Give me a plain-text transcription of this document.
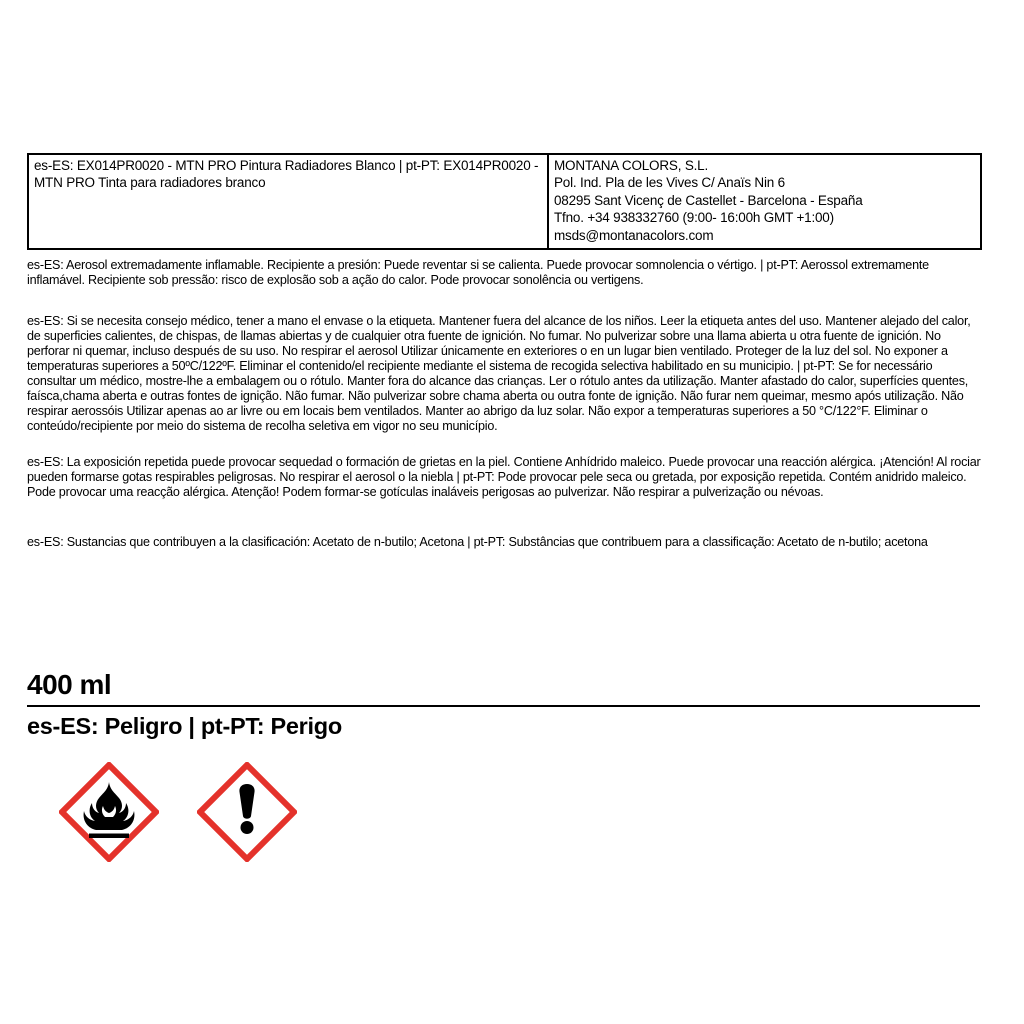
es-ES: EX014PR0020 - MTN PRO Pintura Radiadores Blanco | pt-PT: EX014PR0020 - MTN PRO Tinta para radiadores branco	
MONTANA COLORS, S.L.
Pol. Ind. Pla de les Vives C/ Anaïs Nin 6
08295 Sant Vicenç de Castellet - Barcelona - España
Tfno. +34 938332760 (9:00- 16:00h GMT +1:00)
msds@montanacolors.com

es-ES: Aerosol extremadamente inflamable. Recipiente a presión: Puede reventar si se calienta. Puede provocar somnolencia o vértigo. | pt-PT: Aerossol extremamente inflamável. Recipiente sob pressão: risco de explosão sob a ação do calor. Pode provocar sonolência ou vertigens.

es-ES: Si se necesita consejo médico, tener a mano el envase o la etiqueta. Mantener fuera del alcance de los niños. Leer la etiqueta antes del uso. Mantener alejado del calor, de superficies calientes, de chispas, de llamas abiertas y de cualquier otra fuente de ignición. No fumar. No pulverizar sobre una llama abierta u otra fuente de ignición. No perforar ni quemar, incluso después de su uso. No respirar el aerosol Utilizar únicamente en exteriores o en un lugar bien ventilado. Proteger de la luz del sol. No exponer a temperaturas superiores a 50ºC/122ºF. Eliminar el contenido/el recipiente mediante el sistema de recogida selectiva habilitado en su municipio. | pt-PT: Se for necessário consultar um médico, mostre-lhe a embalagem ou o rótulo. Manter fora do alcance das crianças. Ler o rótulo antes da utilização. Manter afastado do calor, superfícies quentes, faísca,chama aberta e outras fontes de ignição. Não fumar. Não pulverizar sobre chama aberta ou outra fonte de ignição. Não furar nem queimar, mesmo após utilização. Não respirar aerossóis Utilizar apenas ao ar livre ou em locais bem ventilados. Manter ao abrigo da luz solar. Não expor a temperaturas superiores a 50 °C/122°F. Eliminar o conteúdo/recipiente por meio do sistema de recolha seletiva em vigor no seu município.

es-ES: La exposición repetida puede provocar sequedad o formación de grietas en la piel. Contiene Anhídrido maleico. Puede provocar una reacción alérgica. ¡Atención! Al rociar pueden formarse gotas respirables peligrosas. No respirar el aerosol o la niebla | pt-PT: Pode provocar pele seca ou gretada, por exposição repetida. Contém anidrido maleico. Pode provocar uma reacção alérgica. Atenção! Podem formar-se gotículas inaláveis perigosas ao pulverizar. Não respirar a pulverização ou névoas.

es-ES: Sustancias que contribuyen a la clasificación: Acetato de n-butilo; Acetona | pt-PT: Substâncias que contribuem para a classificação: Acetato de n-butilo; acetona

400 ml
es-ES: Peligro | pt-PT: Perigo
